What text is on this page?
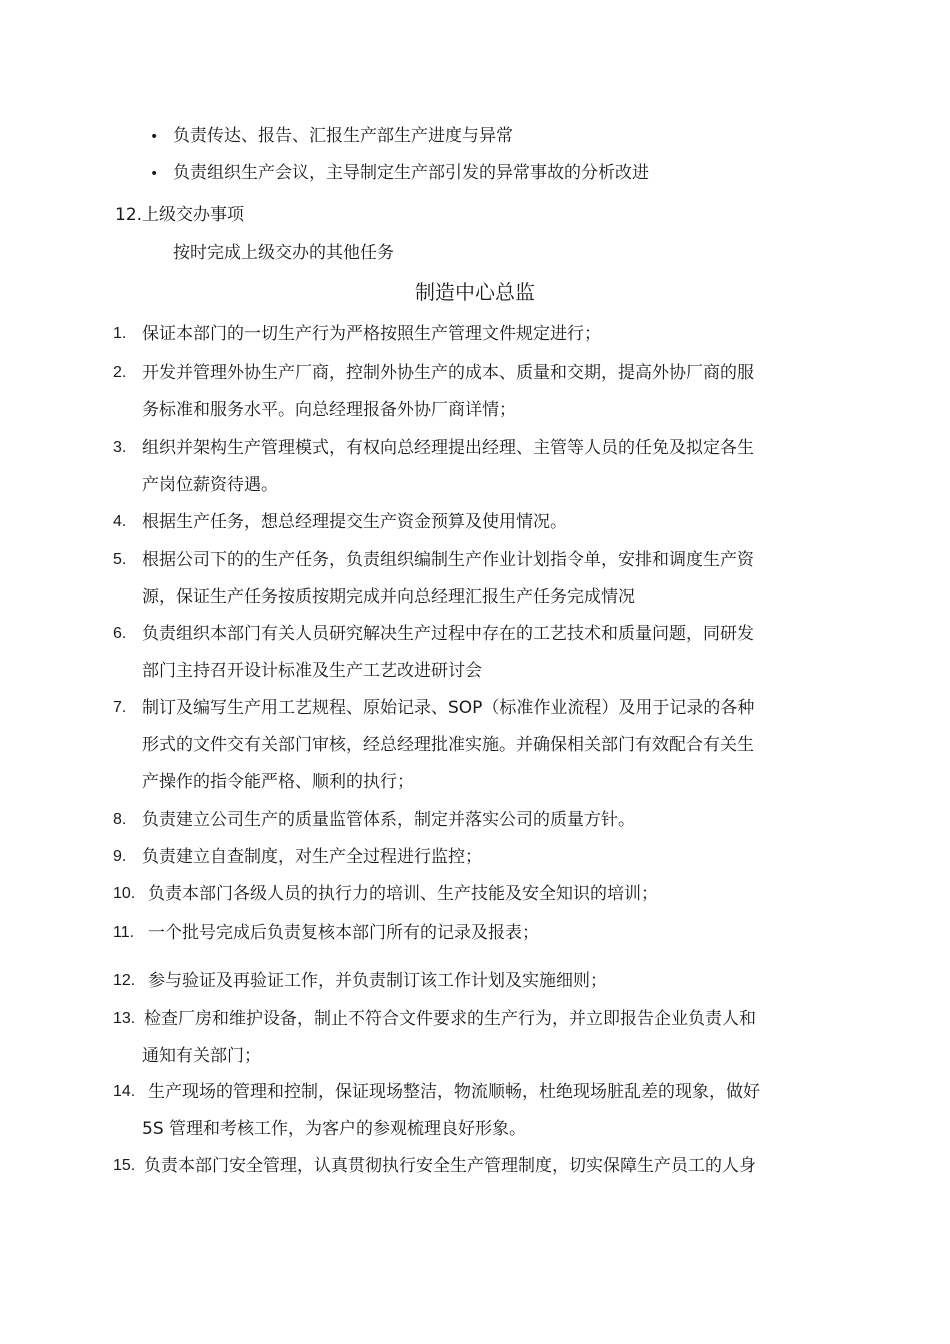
• 负责传达、报告、汇报生产部生产进度与异常
• 负责组织生产会议，主导制定生产部引发的异常事故的分析改进
12.上级交办事项
按时完成上级交办的其他任务
制造中心总监
1. 保证本部门的一切生产行为严格按照生产管理文件规定进行；
2. 开发并管理外协生产厂商，控制外协生产的成本、质量和交期，提高外协厂商的服
务标准和服务水平。向总经理报备外协厂商详情；
3. 组织并架构生产管理模式，有权向总经理提出经理、主管等人员的任免及拟定各生
产岗位薪资待遇。
4. 根据生产任务，想总经理提交生产资金预算及使用情况。
5. 根据公司下的的生产任务，负责组织编制生产作业计划指令单，安排和调度生产资
源，保证生产任务按质按期完成并向总经理汇报生产任务完成情况
6. 负责组织本部门有关人员研究解决生产过程中存在的工艺技术和质量问题，同研发
部门主持召开设计标准及生产工艺改进研讨会
7. 制订及编写生产用工艺规程、原始记录、SOP（标准作业流程）及用于记录的各种
形式的文件交有关部门审核，经总经理批准实施。并确保相关部门有效配合有关生
产操作的指令能严格、顺利的执行；
8. 负责建立公司生产的质量监管体系，制定并落实公司的质量方针。
9. 负责建立自查制度，对生产全过程进行监控；
10. 负责本部门各级人员的执行力的培训、生产技能及安全知识的培训；
11. 一个批号完成后负责复核本部门所有的记录及报表；
12. 参与验证及再验证工作，并负责制订该工作计划及实施细则；
13. 检查厂房和维护设备，制止不符合文件要求的生产行为，并立即报告企业负责人和
通知有关部门；
14. 生产现场的管理和控制，保证现场整洁，物流顺畅，杜绝现场脏乱差的现象，做好
5S 管理和考核工作，为客户的参观梳理良好形象。
15. 负责本部门安全管理，认真贯彻执行安全生产管理制度，切实保障生产员工的人身
